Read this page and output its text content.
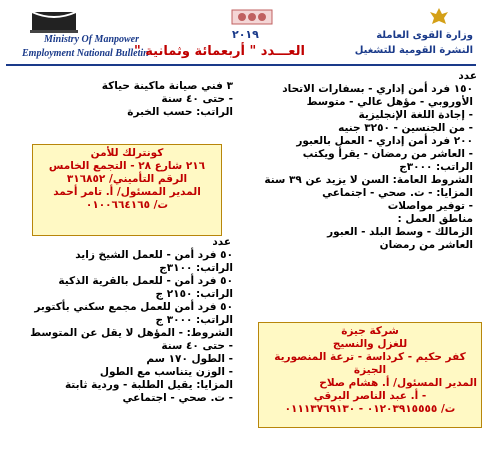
Ministry Of Manpower
Employment National Bulletin
٢٠١٩
العـــدد " أربعمائة وثمانية "
وزارة القوى العاملة
النشرة القومية للتشغيل
عدد
١٥٠ فرد أمن إداري - بسفارات الاتحاد
الأوروبي - مؤهل عالي - متوسط
- إجادة اللغة الإنجليزية
- من الجنسين - ٣٢٥٠ جنيه
٢٠٠ فرد أمن إداري - العمل بالعبور
- العاشر من رمضان - يقرأ ويكتب
الراتب: ٣٠٠٠ج
الشروط العامة: السن لا يزيد عن ٣٩ سنة
المزايا: - ت. صحي - اجتماعي
- توفير مواصلات
مناطق العمل :
الزمالك - وسط البلد - العبور
العاشر من رمضان
٣ فني صيانة ماكينة حياكة
- حتى ٤٠ سنة
الراتب: حسب الخبرة
كونترلك للأمن
٢١٦ شارع ٢٨ - التجمع الخامس
الرقم التأميني/ ٣١٦٨٥٢
المدير المسئول/ أ. تامر أحمد
ت/ ٠١٠٠٦٦٤١٦٥
عدد
٥٠ فرد أمن - للعمل الشيخ زايد
الراتب: ٣١٠٠ج
٥٠ فرد أمن - للعمل بالقرية الذكية
الراتب: ٢١٥٠ ج
٥٠ فرد أمن للعمل مجمع سكني بأكتوبر
الراتب: ٣٠٠٠ ج
الشروط: - المؤهل لا يقل عن المتوسط
- حتى ٤٠ سنة
- الطول ١٧٠ سم
- الوزن يتناسب مع الطول
المزايا: يقيل الطلبة - وردية ثابتة
- ت. صحي - اجتماعي
شركة جيزة
للغزل والنسيج
كفر حكيم - كرداسة - ترعة المنصورية
الجيزة
المدير المسئول/ أ. هشام صلاح
- أ. عبد الناصر البرقي
ت/ ٠١٢٠٣٩١٥٥٥٥ - ٠١١١٣٧٦٩١٣٠
